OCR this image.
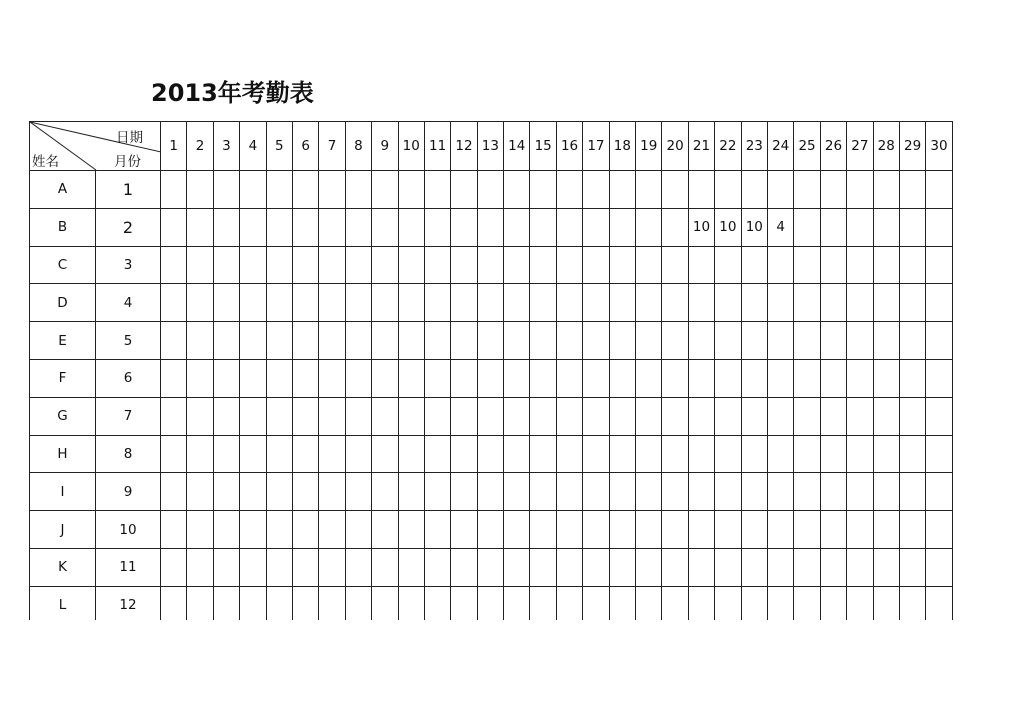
2013年考勤表
日期
月份
姓名		1	2	3	4	5	6	7	8	9	10	11	12	13	14	15	16	17	18	19	20	21	22	23	24	25	26	27	28	29	30
A	1																														
B	2																					10	10	10	4						
C	3																														
D	4																														
E	5																														
F	6																														
G	7																														
H	8																														
I	9																														
J	10																														
K	11																														
L	12																														
